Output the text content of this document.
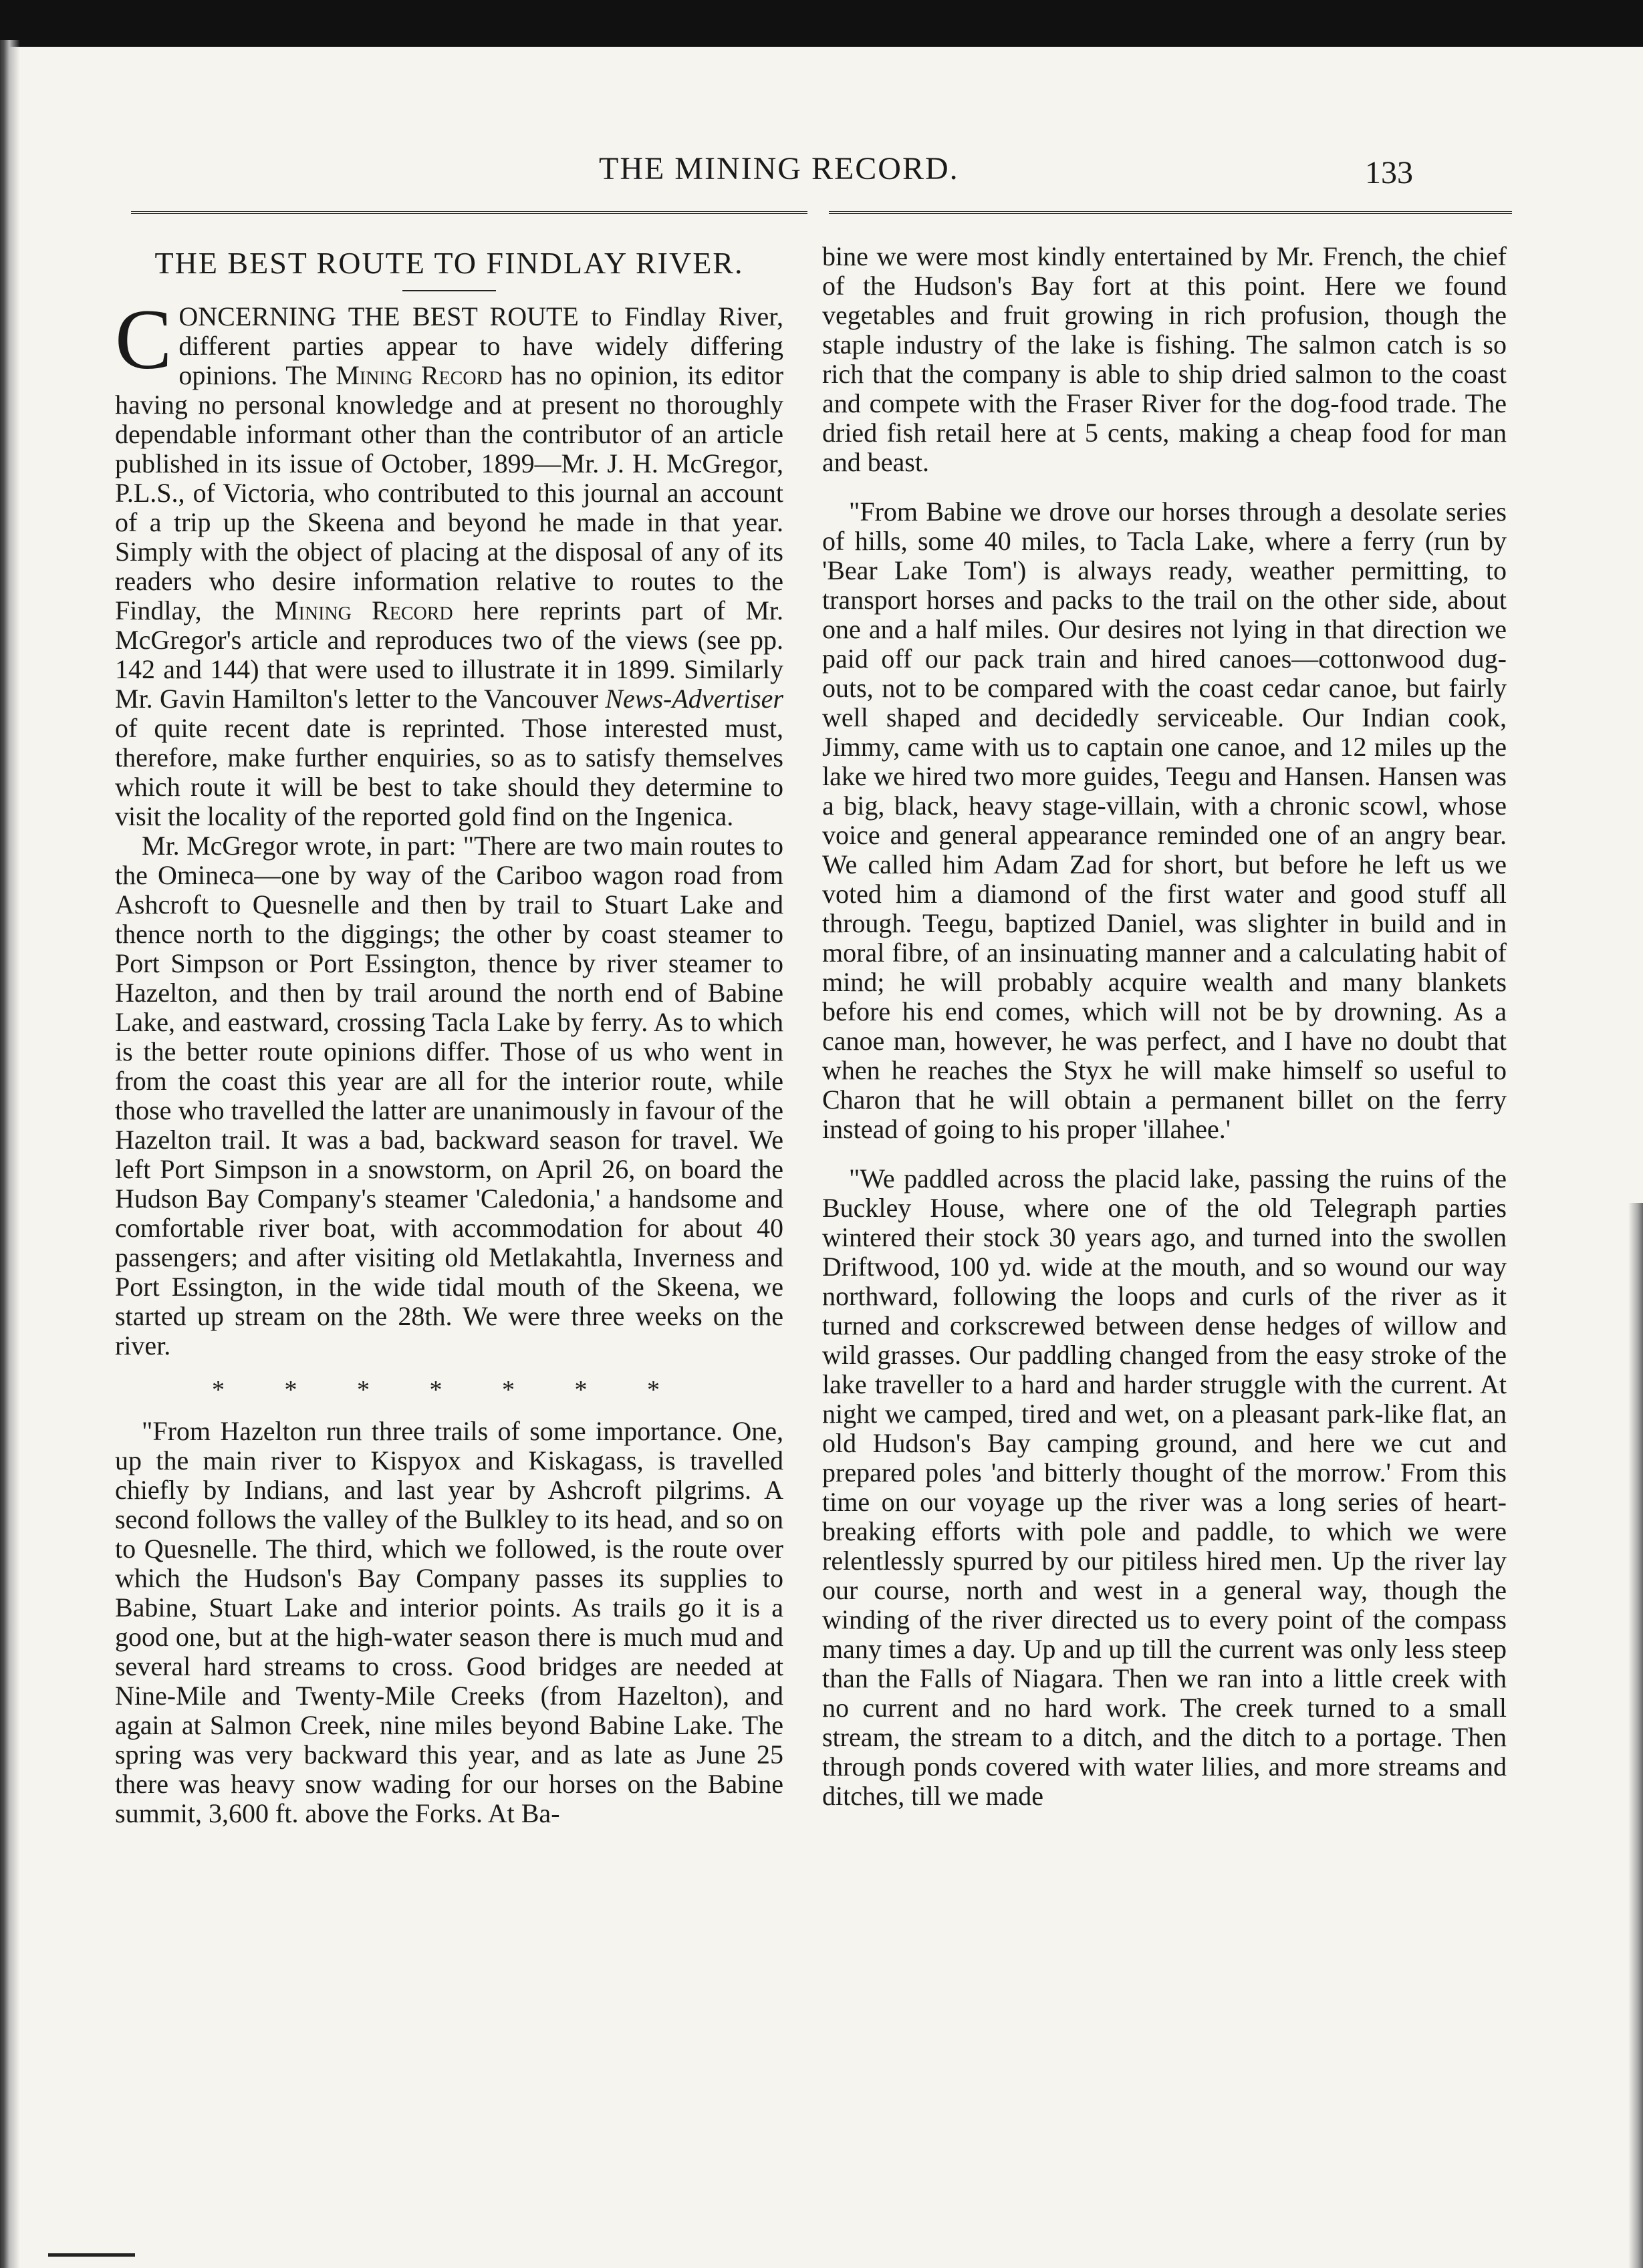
THE MINING RECORD.	133
THE BEST ROUTE TO FINDLAY RIVER.

CONCERNING THE BEST ROUTE to Findlay River, different parties appear to have widely differing opinions. The Mining Record has no opinion, its editor having no personal knowledge and at present no thoroughly dependable informant other than the contributor of an article published in its issue of October, 1899—Mr. J. H. McGregor, P.L.S., of Victoria, who contributed to this journal an account of a trip up the Skeena and beyond he made in that year. Simply with the object of placing at the disposal of any of its readers who desire information relative to routes to the Findlay, the Mining Record here reprints part of Mr. McGregor's article and reproduces two of the views (see pp. 142 and 144) that were used to illustrate it in 1899. Similarly Mr. Gavin Hamilton's letter to the Vancouver News-Advertiser of quite recent date is reprinted. Those interested must, therefore, make further enquiries, so as to satisfy themselves which route it will be best to take should they determine to visit the locality of the reported gold find on the Ingenica.

Mr. McGregor wrote, in part: "There are two main routes to the Omineca—one by way of the Cariboo wagon road from Ashcroft to Quesnelle and then by trail to Stuart Lake and thence north to the diggings; the other by coast steamer to Port Simpson or Port Essington, thence by river steamer to Hazelton, and then by trail around the north end of Babine Lake, and eastward, crossing Tacla Lake by ferry. As to which is the better route opinions differ. Those of us who went in from the coast this year are all for the interior route, while those who travelled the latter are unanimously in favour of the Hazelton trail. It was a bad, backward season for travel. We left Port Simpson in a snowstorm, on April 26, on board the Hudson Bay Company's steamer 'Caledonia,' a handsome and comfortable river boat, with accommodation for about 40 passengers; and after visiting old Metlakahtla, Inverness and Port Essington, in the wide tidal mouth of the Skeena, we started up stream on the 28th. We were three weeks on the river.

* * * * * * *

"From Hazelton run three trails of some importance. One, up the main river to Kispyox and Kiskagass, is travelled chiefly by Indians, and last year by Ashcroft pilgrims. A second follows the valley of the Bulkley to its head, and so on to Quesnelle. The third, which we followed, is the route over which the Hudson's Bay Company passes its supplies to Babine, Stuart Lake and interior points. As trails go it is a good one, but at the high-water season there is much mud and several hard streams to cross. Good bridges are needed at Nine-Mile and Twenty-Mile Creeks (from Hazelton), and again at Salmon Creek, nine miles beyond Babine Lake. The spring was very backward this year, and as late as June 25 there was heavy snow wading for our horses on the Babine summit, 3,600 ft. above the Forks. At Ba-

bine we were most kindly entertained by Mr. French, the chief of the Hudson's Bay fort at this point. Here we found vegetables and fruit growing in rich profusion, though the staple industry of the lake is fishing. The salmon catch is so rich that the company is able to ship dried salmon to the coast and compete with the Fraser River for the dog-food trade. The dried fish retail here at 5 cents, making a cheap food for man and beast.

"From Babine we drove our horses through a desolate series of hills, some 40 miles, to Tacla Lake, where a ferry (run by 'Bear Lake Tom') is always ready, weather permitting, to transport horses and packs to the trail on the other side, about one and a half miles. Our desires not lying in that direction we paid off our pack train and hired canoes—cottonwood dug-outs, not to be compared with the coast cedar canoe, but fairly well shaped and decidedly serviceable. Our Indian cook, Jimmy, came with us to captain one canoe, and 12 miles up the lake we hired two more guides, Teegu and Hansen. Hansen was a big, black, heavy stage-villain, with a chronic scowl, whose voice and general appearance reminded one of an angry bear. We called him Adam Zad for short, but before he left us we voted him a diamond of the first water and good stuff all through. Teegu, baptized Daniel, was slighter in build and in moral fibre, of an insinuating manner and a calculating habit of mind; he will probably acquire wealth and many blankets before his end comes, which will not be by drowning. As a canoe man, however, he was perfect, and I have no doubt that when he reaches the Styx he will make himself so useful to Charon that he will obtain a permanent billet on the ferry instead of going to his proper 'illahee.'

"We paddled across the placid lake, passing the ruins of the Buckley House, where one of the old Telegraph parties wintered their stock 30 years ago, and turned into the swollen Driftwood, 100 yd. wide at the mouth, and so wound our way northward, following the loops and curls of the river as it turned and corkscrewed between dense hedges of willow and wild grasses. Our paddling changed from the easy stroke of the lake traveller to a hard and harder struggle with the current. At night we camped, tired and wet, on a pleasant park-like flat, an old Hudson's Bay camping ground, and here we cut and prepared poles 'and bitterly thought of the morrow.' From this time on our voyage up the river was a long series of heart-breaking efforts with pole and paddle, to which we were relentlessly spurred by our pitiless hired men. Up the river lay our course, north and west in a general way, though the winding of the river directed us to every point of the compass many times a day. Up and up till the current was only less steep than the Falls of Niagara. Then we ran into a little creek with no current and no hard work. The creek turned to a small stream, the stream to a ditch, and the ditch to a portage. Then through ponds covered with water lilies, and more streams and ditches, till we made
